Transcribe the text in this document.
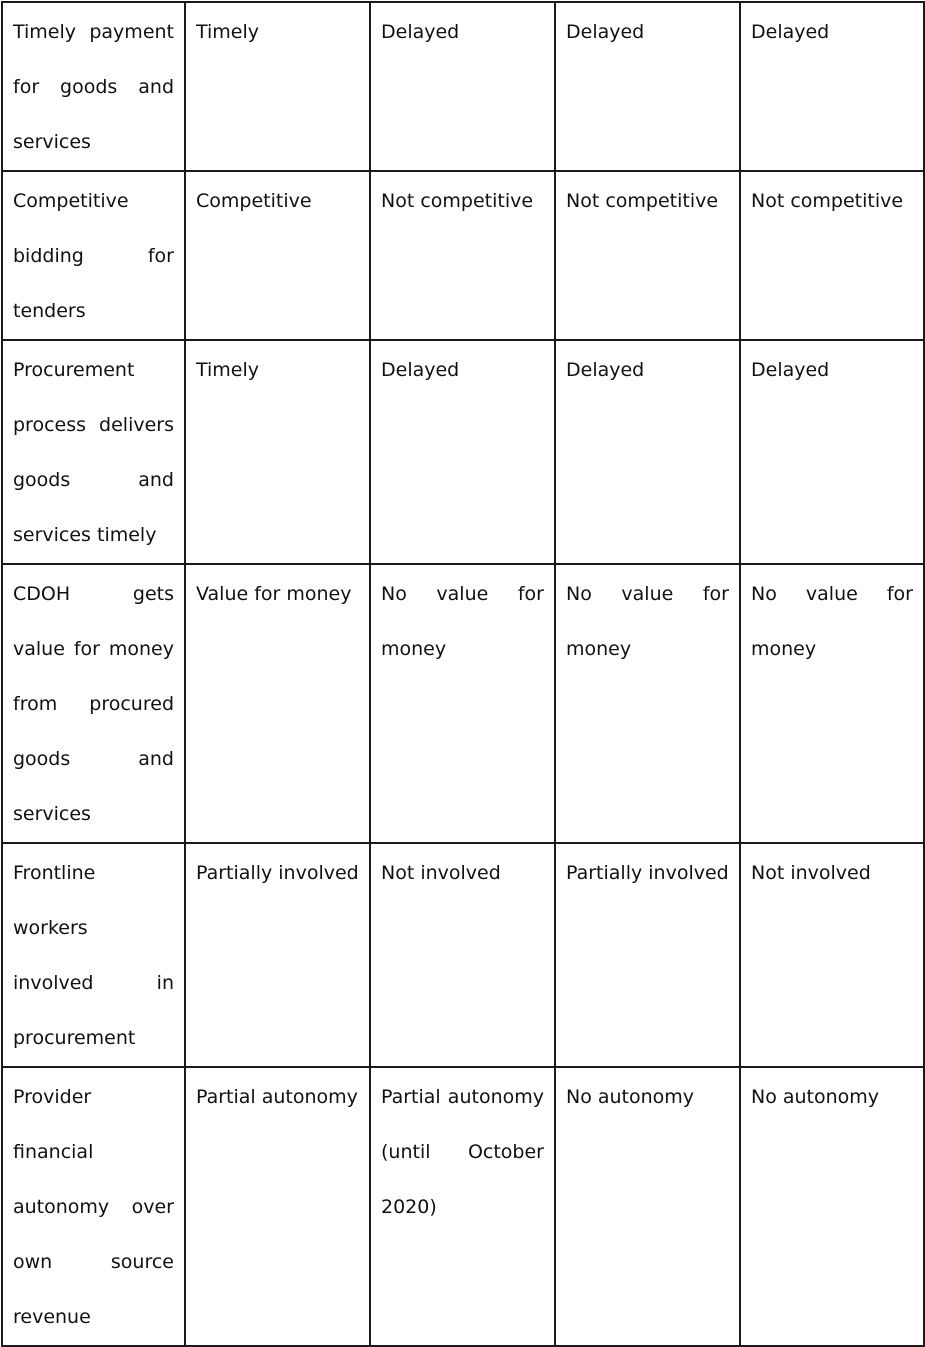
Timely payment for goods and services	Timely	Delayed	Delayed	Delayed
Competitive bidding for tenders	Competitive	Not competitive	Not competitive	Not competitive
Procurement process delivers goods and services timely	Timely	Delayed	Delayed	Delayed
CDOH gets value for money from procured goods and services	Value for money	No value for money	No value for money	No value for money
Frontline workers involved in procurement	Partially involved	Not involved	Partially involved	Not involved
Provider financial autonomy over own source revenue	Partial autonomy	Partial autonomy (until October 2020)	No autonomy	No autonomy
